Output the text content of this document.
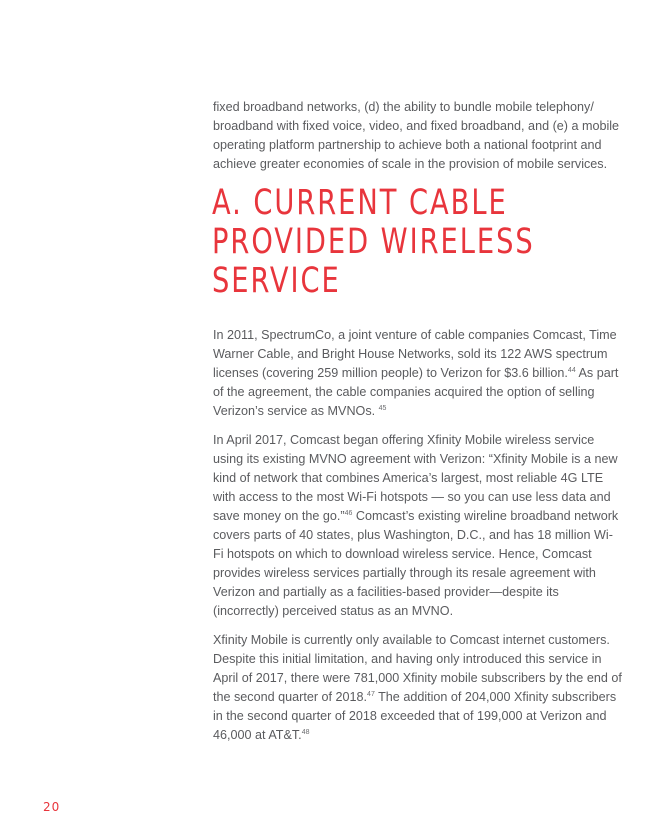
fixed broadband networks, (d) the ability to bundle mobile telephony/ broadband with fixed voice, video, and fixed broadband, and (e) a mobile operating platform partnership to achieve both a national footprint and achieve greater economies of scale in the provision of mobile services.

A. CURRENT CABLE
PROVIDED WIRELESS
SERVICE

In 2011, SpectrumCo, a joint venture of cable companies Comcast, Time Warner Cable, and Bright House Networks, sold its 122 AWS spectrum licenses (covering 259 million people) to Verizon for $3.6 billion.$^{44}$ As part of the agreement, the cable companies acquired the option of selling Verizon’s service as MVNOs. $^{45}$

In April 2017, Comcast began offering Xfinity Mobile wireless service using its existing MVNO agreement with Verizon: “Xfinity Mobile is a new kind of network that combines America’s largest, most reliable 4G LTE with access to the most Wi-Fi hotspots — so you can use less data and save money on the go.”$^{46}$ Comcast’s existing wireline broadband network covers parts of 40 states, plus Washington, D.C., and has 18 million Wi-Fi hotspots on which to download wireless service. Hence, Comcast provides wireless services partially through its resale agreement with Verizon and partially as a facilities-based provider—despite its (incorrectly) perceived status as an MVNO.

Xfinity Mobile is currently only available to Comcast internet customers. Despite this initial limitation, and having only introduced this service in April of 2017, there were 781,000 Xfinity mobile subscribers by the end of the second quarter of 2018.47 The addition of 204,000 Xfinity subscribers in the second quarter of 2018 exceeded that of 199,000 at Verizon and 46,000 at AT&T.$^{48}$

20
